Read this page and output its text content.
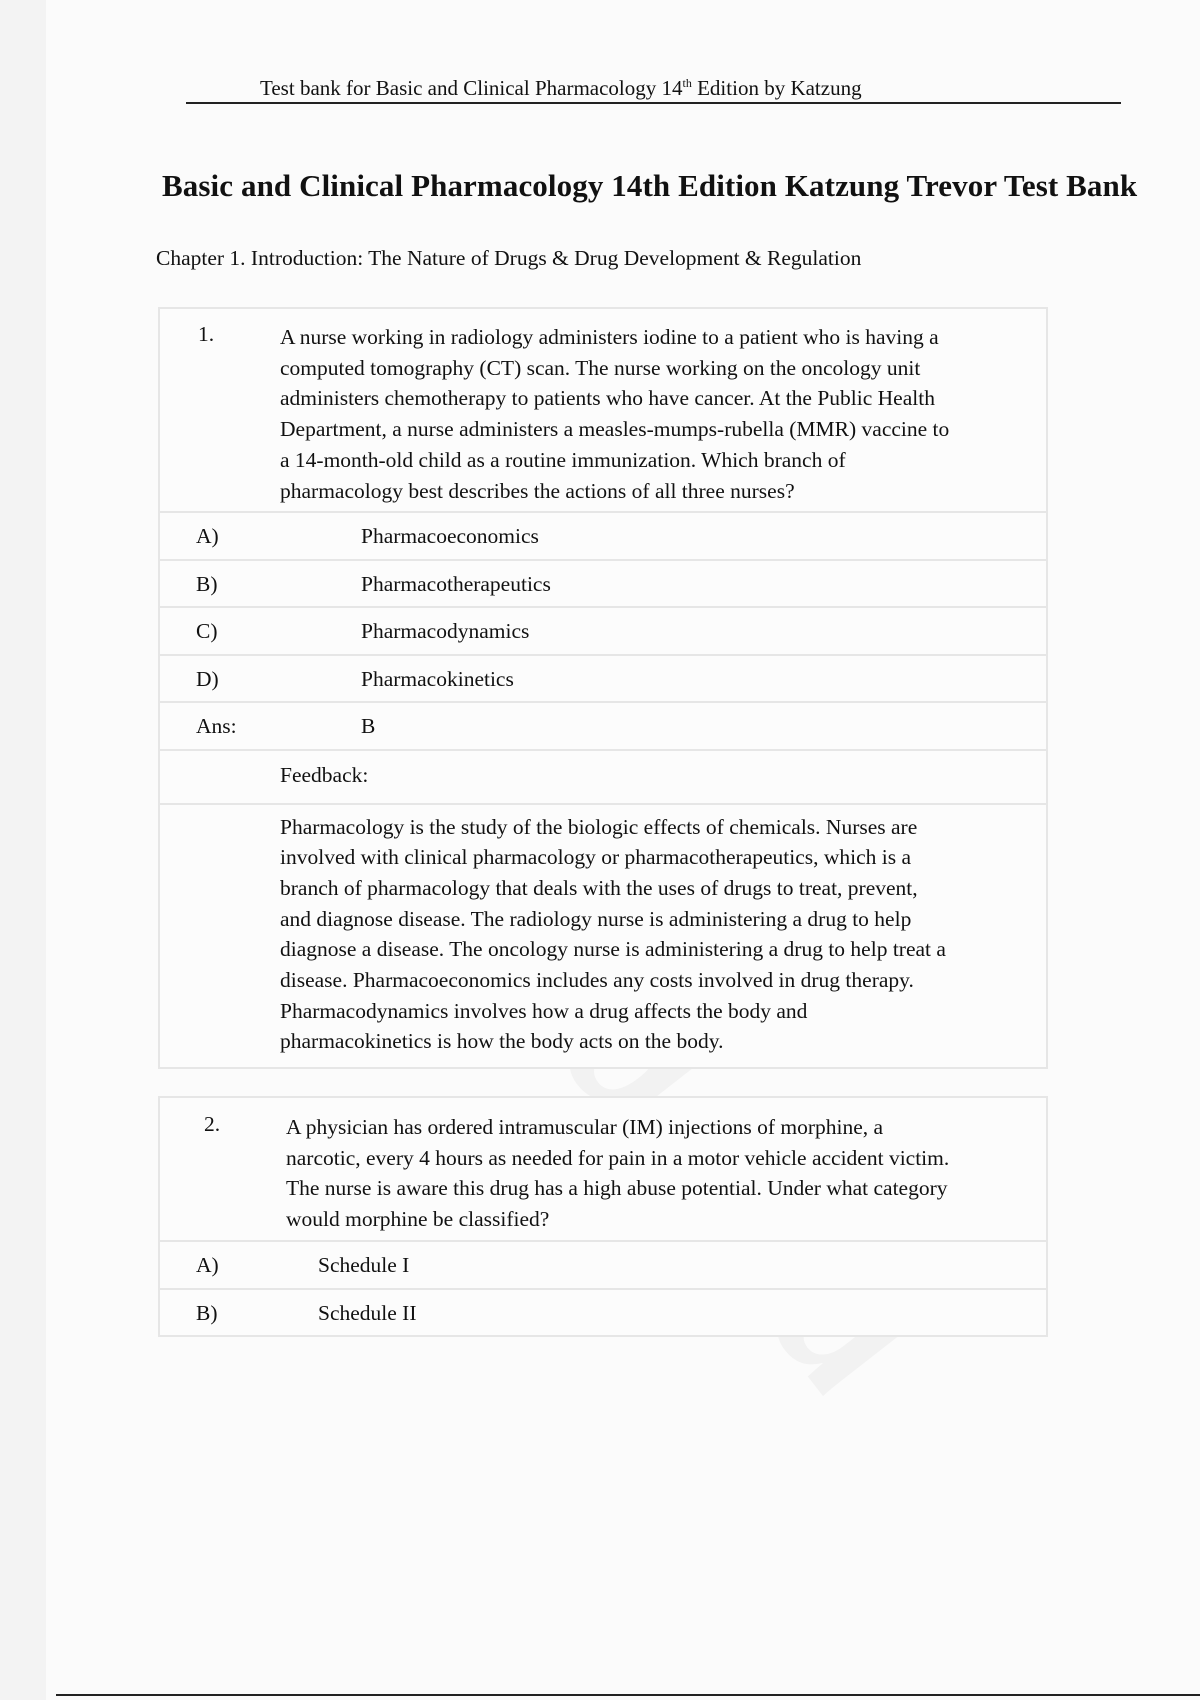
Test bank for Basic and Clinical Pharmacology 14th Edition by Katzung
Basic and Clinical Pharmacology 14th Edition Katzung Trevor Test Bank
Chapter 1. Introduction: The Nature of Drugs & Drug Development & Regulation
1.	A nurse working in radiology administers iodine to a patient who is having a
computed tomography (CT) scan. The nurse working on the oncology unit
administers chemotherapy to patients who have cancer. At the Public Health
Department, a nurse administers a measles-mumps-rubella (MMR) vaccine to
a 14-month-old child as a routine immunization. Which branch of
pharmacology best describes the actions of all three nurses?
A)	Pharmacoeconomics
B)	Pharmacotherapeutics
C)	Pharmacodynamics
D)	Pharmacokinetics
Ans:	B
Feedback:
Pharmacology is the study of the biologic effects of chemicals. Nurses are
involved with clinical pharmacology or pharmacotherapeutics, which is a
branch of pharmacology that deals with the uses of drugs to treat, prevent,
and diagnose disease. The radiology nurse is administering a drug to help
diagnose a disease. The oncology nurse is administering a drug to help treat a
disease. Pharmacoeconomics includes any costs involved in drug therapy.
Pharmacodynamics involves how a drug affects the body and
pharmacokinetics is how the body acts on the body.
2.	A physician has ordered intramuscular (IM) injections of morphine, a
narcotic, every 4 hours as needed for pain in a motor vehicle accident victim.
The nurse is aware this drug has a high abuse potential. Under what category
would morphine be classified?
A)	Schedule I
B)	Schedule II
